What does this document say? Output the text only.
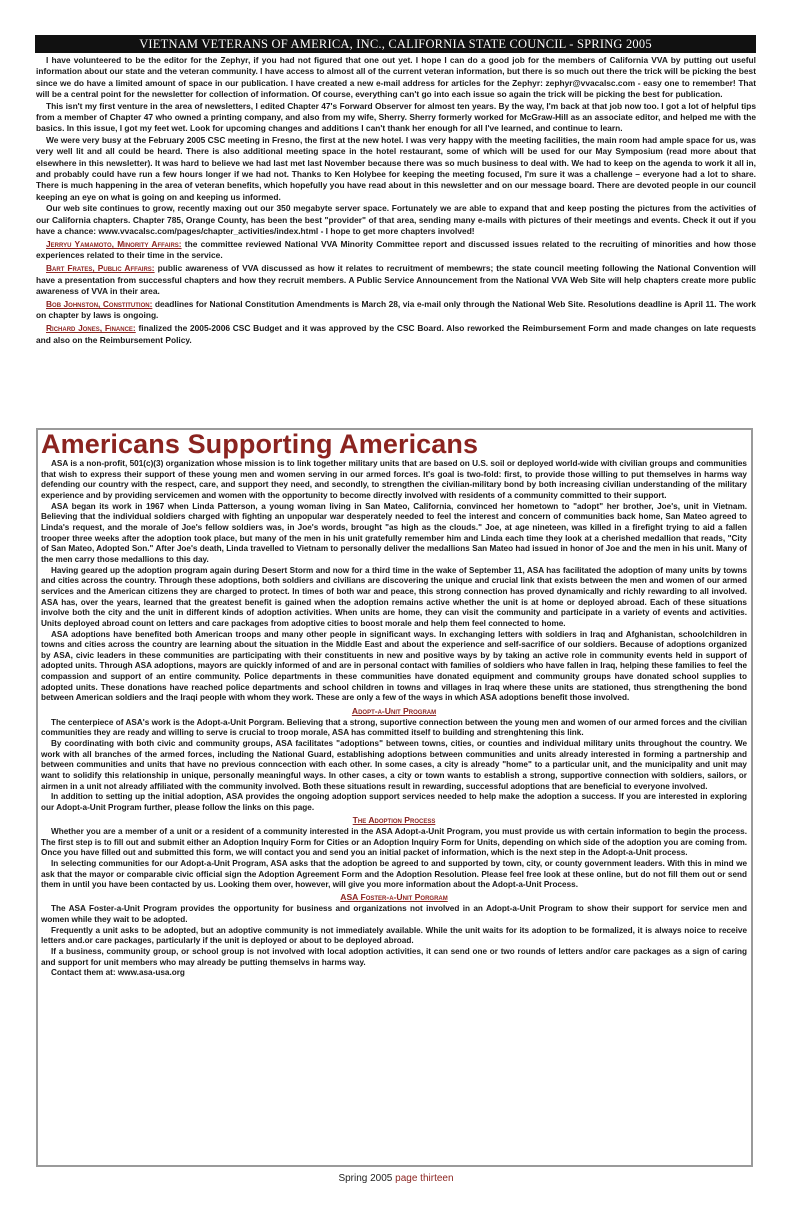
VIETNAM VETERANS OF AMERICA, INC., CALIFORNIA STATE COUNCIL - SPRING 2005

I have volunteered to be the editor for the Zephyr, if you had not figured that one out yet. I hope I can do a good job for the members of California VVA by putting out useful information about our state and the veteran community. I have access to almost all of the current veteran information, but there is so much out there the trick will be picking the best since we do have a limited amount of space in our publication. I have created a new e-mail address for articles for the Zephyr: zephyr@vvacalsc.com - easy one to remember! That will be a central point for the newsletter for collection of information. Of course, everything can't go into each issue so again the trick will be picking the best for publication.

This isn't my first venture in the area of newsletters, I edited Chapter 47's Forward Observer for almost ten years. By the way, I'm back at that job now too. I got a lot of helpful tips from a member of Chapter 47 who owned a printing company, and also from my wife, Sherry. Sherry formerly worked for McGraw-Hill as an associate editor, and helped me with the basics. In this issue, I got my feet wet. Look for upcoming changes and additions I can't thank her enough for all I've learned, and continue to learn.

We were very busy at the February 2005 CSC meeting in Fresno, the first at the new hotel. I was very happy with the meeting facilities, the main room had ample space for us, was very well lit and all could be heard. There is also additional meeting space in the hotel restaurant, some of which will be used for our May Symposium (read more about that elsewhere in this newsletter). It was hard to believe we had last met last November because there was so much business to deal with. We had to keep on the agenda to work it all in, and probably could have run a few hours longer if we had not. Thanks to Ken Holybee for keeping the meeting focused, I'm sure it was a challenge – everyone had a lot to share. There is much happening in the area of veteran benefits, which hopefully you have read about in this newsletter and on our message board. There are devoted people in our council keeping an eye on what is going on and keeping us informed.

Our web site continues to grow, recently maxing out our 350 megabyte server space. Fortunately we are able to expand that and keep posting the pictures from the activities of our California chapters. Chapter 785, Orange County, has been the best "provider" of that area, sending many e-mails with pictures of their meetings and events. Check it out if you have a chance: www.vvacalsc.com/pages/chapter_activities/index.html - I hope to get more chapters involved!

Jerryu Yamamoto, Minority Affairs: the committee reviewed National VVA Minority Committee report and discussed issues related to the recruiting of minorities and how those experiences related to their time in the service.

Bart Frates, Public Affairs: public awareness of VVA discussed as how it relates to recruitment of membewrs; the state council meeting following the National Convention will have a presentation from successful chapters and how they recruit members. A Public Service Announcement from the National VVA Web Site will help chapters create more public awareness of VVA in their area.

Bob Johnston, Constitution: deadlines for National Constitution Amendments is March 28, via e-mail only through the National Web Site. Resolutions deadline is April 11. The work on chapter by laws is ongoing.

Richard Jones, Finance: finalized the 2005-2006 CSC Budget and it was approved by the CSC Board. Also reworked the Reimbursement Form and made changes on late requests and also on the Reimbursement Policy.

Americans Supporting Americans

ASA is a non-profit, 501(c)(3) organization whose mission is to link together military units that are based on U.S. soil or deployed world-wide with civilian groups and communities that wish to express their support of these young men and women serving in our armed forces. It's goal is two-fold: first, to provide those willing to put themselves in harms way defending our country with the respect, care, and support they need, and secondly, to strengthen the civilian-military bond by both increasing civilian understanding of the military experience and by providing servicemen and women with the opportunity to become directly involved with residents of a community committed to their support.

ASA began its work in 1967 when Linda Patterson, a young woman living in San Mateo, California, convinced her hometown to "adopt" her brother, Joe's, unit in Vietnam. Believing that the individual soldiers charged with fighting an unpopular war desperately needed to feel the interest and concern of communities back home, San Mateo agreed to Linda's request, and the morale of Joe's fellow soldiers was, in Joe's words, brought "as high as the clouds." Joe, at age nineteen, was killed in a firefight trying to aid a fallen trooper three weeks after the adoption took place, but many of the men in his unit gratefully remember him and Linda each time they look at a cherished medallion that reads, "City of San Mateo, Adopted Son." After Joe's death, Linda travelled to Vietnam to personally deliver the medallions San Mateo had issued in honor of Joe and the men in his unit. Many of the men carry those medallions to this day.

Having geared up the adoption program again during Desert Storm and now for a third time in the wake of September 11, ASA has facilitated the adoption of many units by towns and cities across the country. Through these adoptions, both soldiers and civilians are discovering the unique and crucial link that exists between the men and women of our armed services and the American citizens they are charged to protect. In times of both war and peace, this strong connection has proved dynamically and richly rewarding to all involved. ASA has, over the years, learned that the greatest benefit is gained when the adoption remains active whether the unit is at home or deployed abroad. Each of these situations involve both the city and the unit in different kinds of adoption activities. When units are home, they can visit the community and participate in a variety of events and activities. Units deployed abroad count on letters and care packages from adoptive cities to boost morale and help them feel connected to home.

ASA adoptions have benefited both American troops and many other people in significant ways. In exchanging letters with soldiers in Iraq and Afghanistan, schoolchildren in towns and cities across the country are learning about the situation in the Middle East and about the experience and self-sacrifice of our soldiers. Because of adoptions organized by ASA, civic leaders in these communities are participating with their constituents in new and positive ways by by taking an active role in community events held in support of adopted units. Through ASA adoptions, mayors are quickly informed of and are in personal contact with families of soldiers who have fallen in Iraq, helping these families to feel the compassion and support of an entire community. Police departments in these communities have donated equipment and community groups have donated school supplies to adopted units. These donations have reached police departments and school children in towns and villages in Iraq where these units are stationed, thus strengthening the bond between American soldiers and the Iraqi people with whom they work. These are only a few of the ways in which ASA adoptions benefit those involved.

Adopt-a-Unit Program

The centerpiece of ASA's work is the Adopt-a-Unit Porgram. Believing that a strong, suportive connection between the young men and women of our armed forces and the civilian communities they are ready and willing to serve is crucial to troop morale, ASA has committed itself to building and strenghtening this link.

By coordinating with both civic and community groups, ASA facilitates "adoptions" between towns, cities, or counties and individual military units throughout the country. We work with all branches of the armed forces, including the National Guard, establishing adoptions between communities and units already interested in forming a partnership and between communities and units that have no previous conncection with each other. In some cases, a city is already "home" to a particular unit, and the municipality and unit may want to solidify this relationship in unique, personally meaningful ways. In other cases, a city or town wants to establish a strong, supportive connection with soldiers, sailors, or airmen in a unit not already affiliated with the community involved. Both these situations result in rewarding, successful adoptions that are beneficial to everyone involved.

In addition to setting up the initial adoption, ASA provides the ongoing adoption support services needed to help make the adoption a success. If you are interested in exploring our Adopt-a-Unit Program further, please follow the links on this page.

The Adoption Process

Whether you are a member of a unit or a resident of a community interested in the ASA Adopt-a-Unit Program, you must provide us with certain information to begin the process. The first step is to fill out and submit either an Adoption Inquiry Form for Cities or an Adoption Inquiry Form for Units, depending on which side of the adoption you are coming from. Once you have filled out and submitted this form, we will contact you and send you an initial packet of information, which is the next step in the Adopt-a-Unit process.

In selecting communities for our Adopt-a-Unit Program, ASA asks that the adoption be agreed to and supported by town, city, or county government leaders. With this in mind we ask that the mayor or comparable civic official sign the Adoption Agreement Form and the Adoption Resolution. Please feel free look at these online, but do not fill them out or send them in until you have been contacted by us. Looking them over, however, will give you more information about the Adopt-a-Unit Process.

ASA Foster-a-Unit Porgram

The ASA Foster-a-Unit Program provides the opportunity for business and organizations not involved in an Adopt-a-Unit Program to show their support for service men and women while they wait to be adopted.

Frequently a unit asks to be adopted, but an adoptive community is not immediately available. While the unit waits for its adoption to be formalized, it is always noice to receive letters and.or care packages, particularly if the unit is deployed or about to be deployed abroad.

If a business, community group, or school group is not involved with local adoption activities, it can send one or two rounds of letters and/or care packages as a sign of caring and support for unit members who may already be putting themselvs in harms way.

Contact them at: www.asa-usa.org

Spring 2005 page thirteen
